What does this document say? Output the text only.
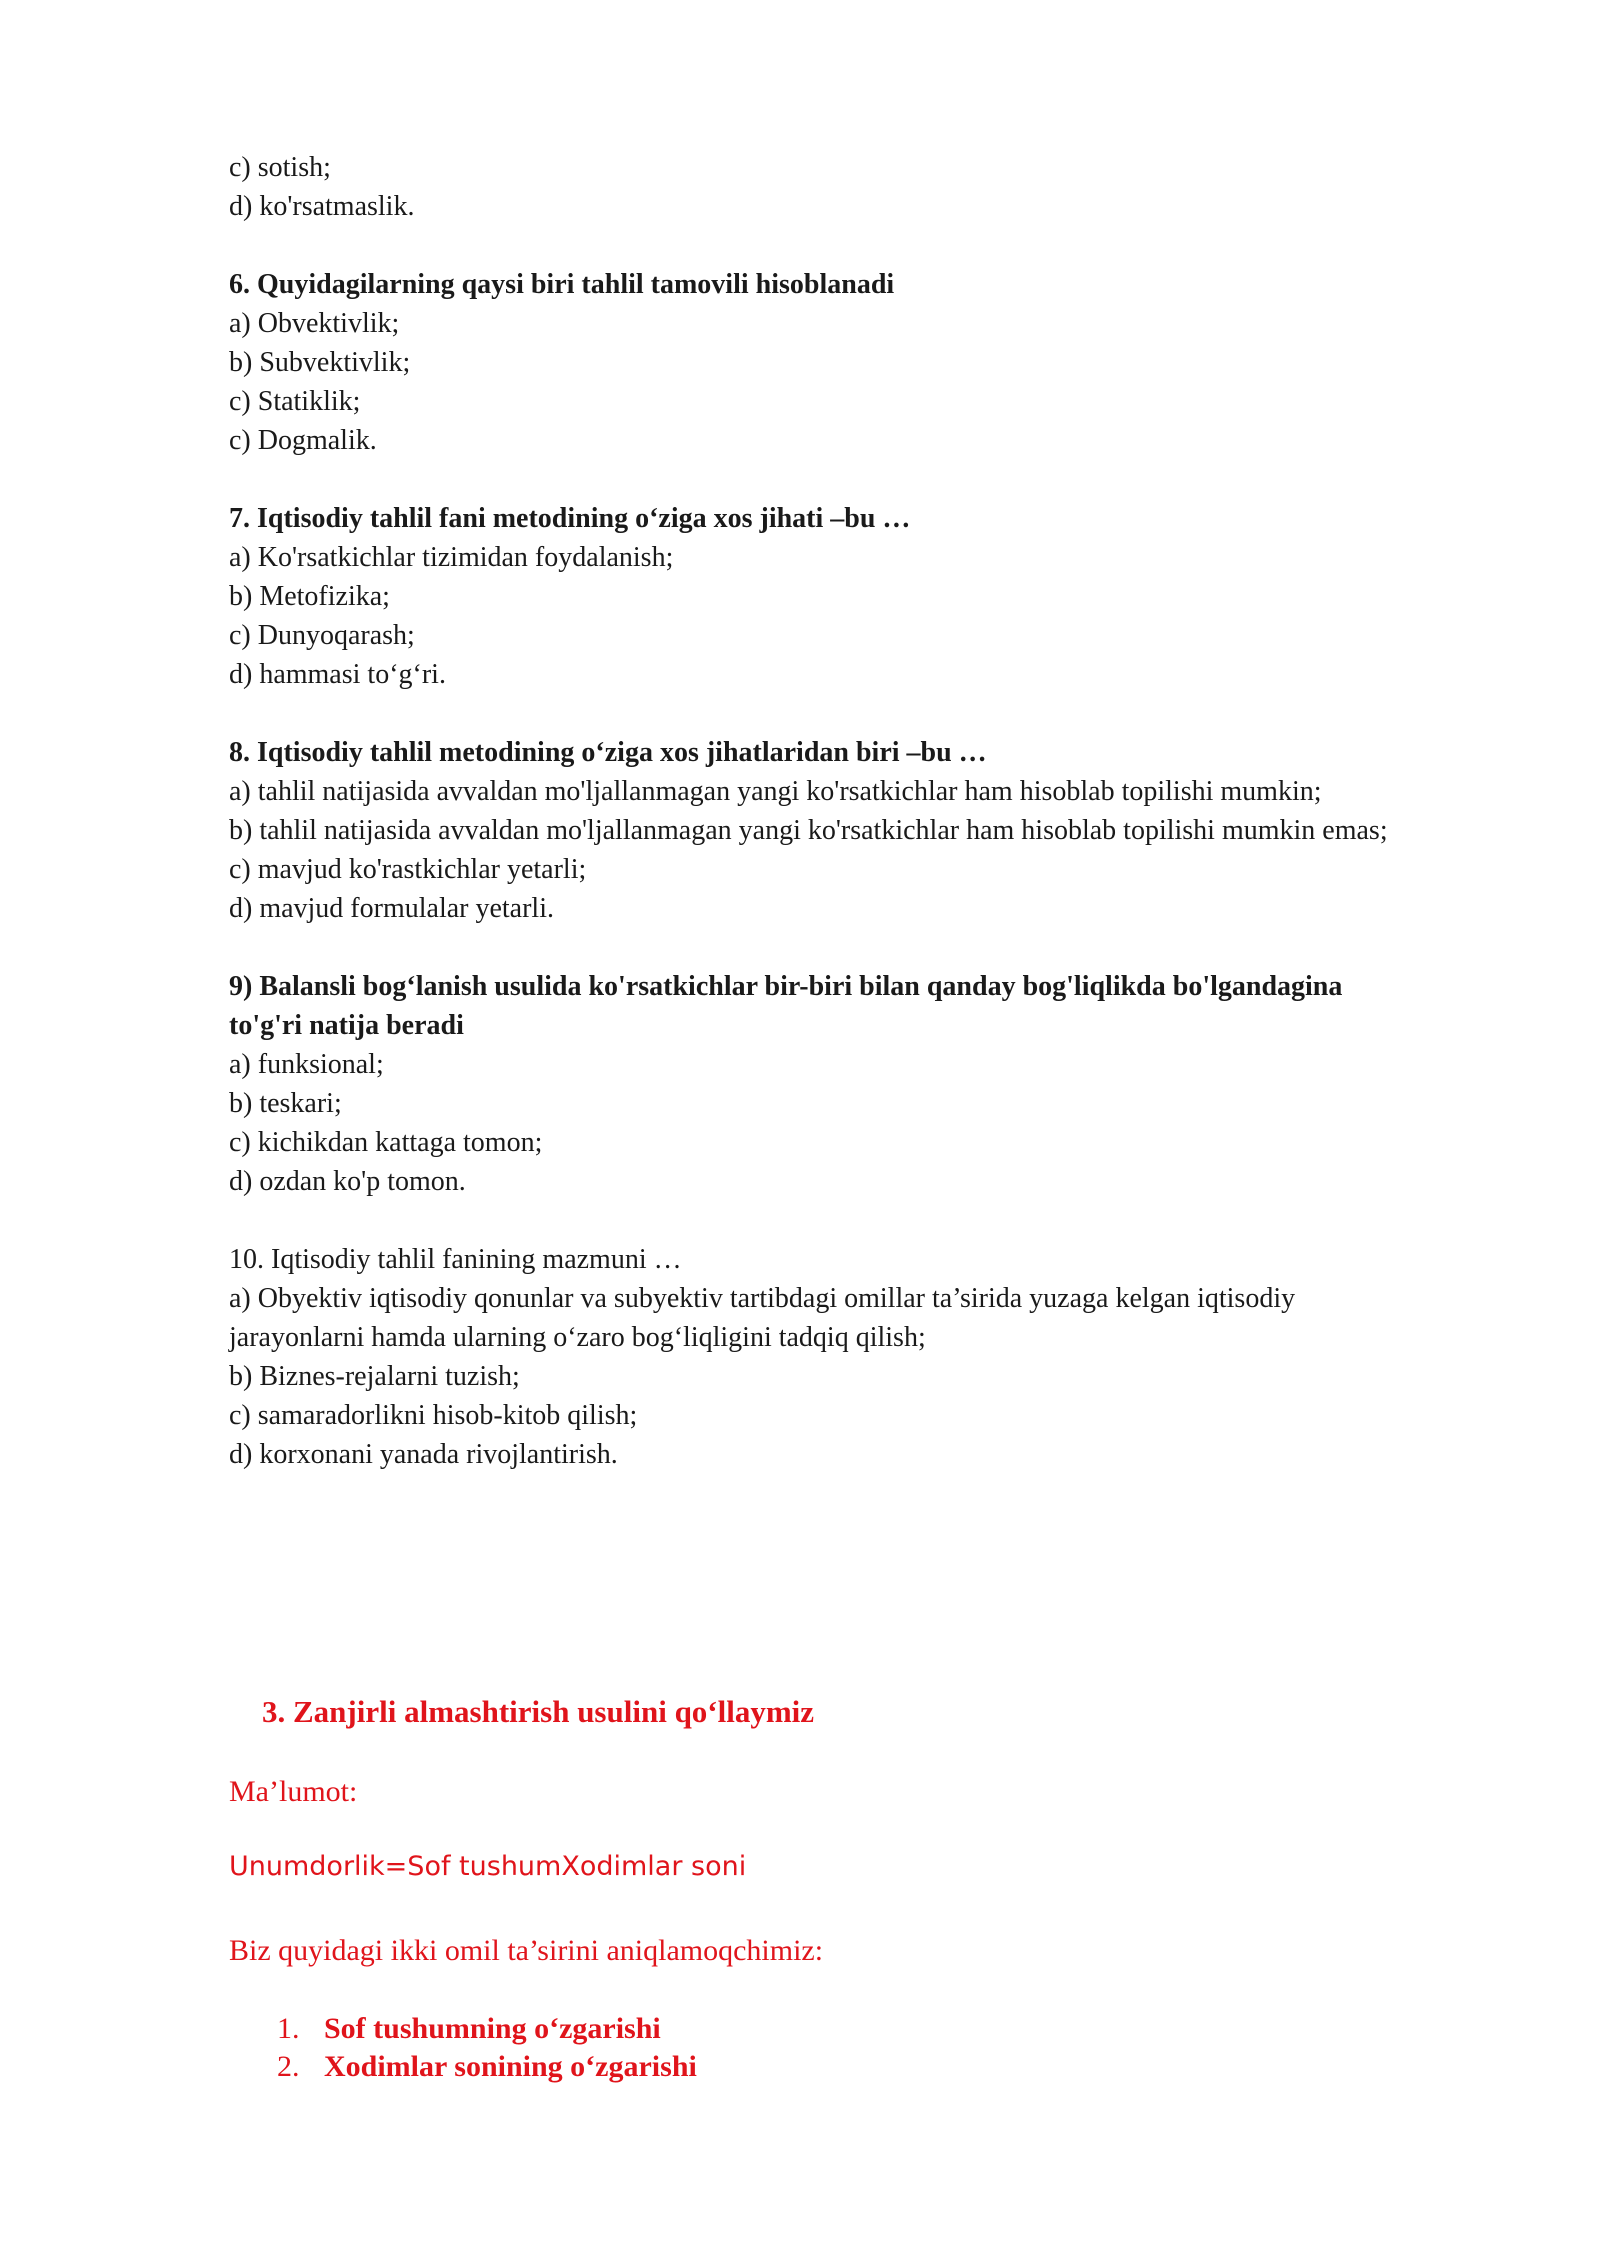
c) sotish;
d) ko'rsatmaslik.
6. Quyidagilarning qaysi biri tahlil tamovili hisoblanadi
a) Obvektivlik;
b) Subvektivlik;
c) Statiklik;
c) Dogmalik.
7. Iqtisodiy tahlil fani metodining o‘ziga xos jihati –bu …
a) Ko'rsatkichlar tizimidan foydalanish;
b) Metofizika;
c) Dunyoqarash;
d) hammasi to‘g‘ri.
8. Iqtisodiy tahlil metodining o‘ziga xos jihatlaridan biri –bu …
a) tahlil natijasida avvaldan mo'ljallanmagan yangi ko'rsatkichlar ham hisoblab topilishi mumkin;
b) tahlil natijasida avvaldan mo'ljallanmagan yangi ko'rsatkichlar ham hisoblab topilishi mumkin emas;
c) mavjud ko'rastkichlar yetarli;
d) mavjud formulalar yetarli.
9) Balansli bog‘lanish usulida ko'rsatkichlar bir-biri bilan qanday bog'liqlikda bo'lgandagina
to'g'ri natija beradi
a) funksional;
b) teskari;
c) kichikdan kattaga tomon;
d) ozdan ko'p tomon.
10. Iqtisodiy tahlil fanining mazmuni …
a) Obyektiv iqtisodiy qonunlar va subyektiv tartibdagi omillar ta’sirida yuzaga kelgan iqtisodiy
jarayonlarni hamda ularning o‘zaro bog‘liqligini tadqiq qilish;
b) Biznes-rejalarni tuzish;
c) samaradorlikni hisob-kitob qilish;
d) korxonani yanada rivojlantirish.
3. Zanjirli almashtirish usulini qo‘llaymiz
Ma’lumot:
Unumdorlik=Sof tushumXodimlar soni
Biz quyidagi ikki omil ta’sirini aniqlamoqchimiz:
1. Sof tushumning o‘zgarishi
2. Xodimlar sonining o‘zgarishi
